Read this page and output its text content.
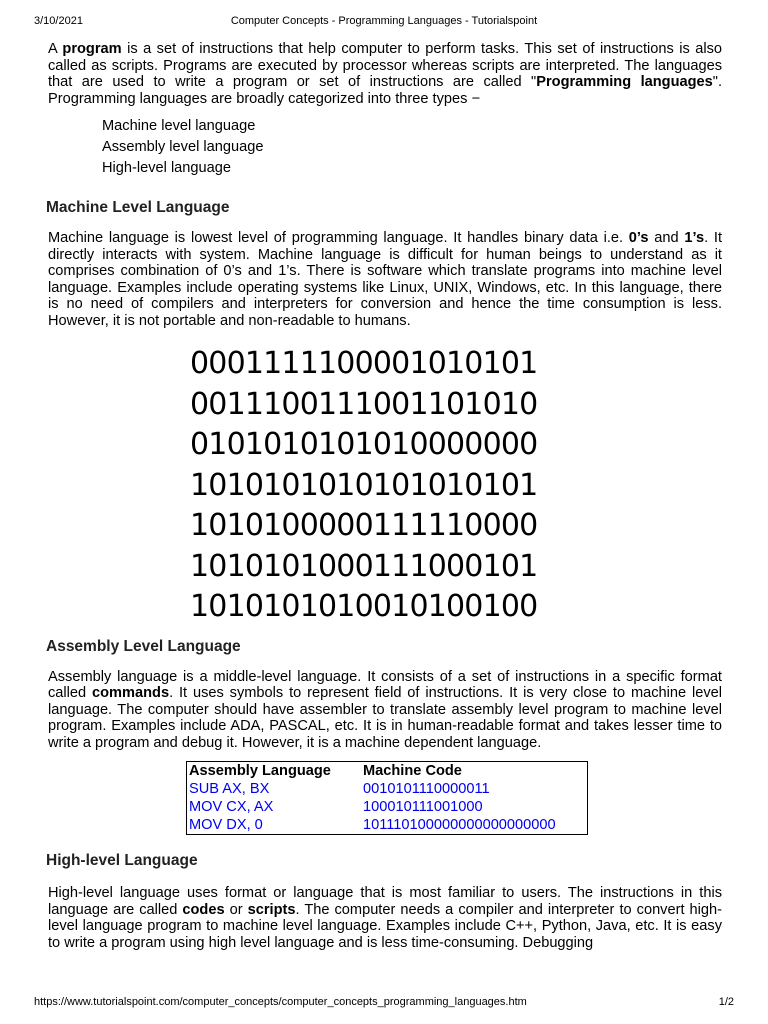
3/10/2021	Computer Concepts - Programming Languages - Tutorialspoint

A program is a set of instructions that help computer to perform tasks. This set of instructions is also called as scripts. Programs are executed by processor whereas scripts are interpreted. The languages that are used to write a program or set of instructions are called "Programming languages". Programming languages are broadly categorized into three types −

Machine level language
Assembly level language
High-level language
Machine Level Language

Machine language is lowest level of programming language. It handles binary data i.e. 0’s and 1’s. It directly interacts with system. Machine language is difficult for human beings to understand as it comprises combination of 0’s and 1’s. There is software which translate programs into machine level language. Examples include operating systems like Linux, UNIX, Windows, etc. In this language, there is no need of compilers and interpreters for conversion and hence the time consumption is less. However, it is not portable and non-readable to humans.

0001111100001010101
0011100111001101010
0101010101010000000
1010101010101010101
1010100000111110000
1010101000111000101
1010101010010100100
Assembly Level Language

Assembly language is a middle-level language. It consists of a set of instructions in a specific format called commands. It uses symbols to represent field of instructions. It is very close to machine level language. The computer should have assembler to translate assembly level program to machine level program. Examples include ADA, PASCAL, etc. It is in human-readable format and takes lesser time to write a program and debug it. However, it is a machine dependent language.

Assembly Language	Machine Code
SUB AX, BX	0010101110000011
MOV CX, AX	100010111001000
MOV DX, 0	101110100000000000000000
High-level Language

High-level language uses format or language that is most familiar to users. The instructions in this language are called codes or scripts. The computer needs a compiler and interpreter to convert high-level language program to machine level language. Examples include C++, Python, Java, etc. It is easy to write a program using high level language and is less time-consuming. Debugging

https://www.tutorialspoint.com/computer_concepts/computer_concepts_programming_languages.htm	1/2
